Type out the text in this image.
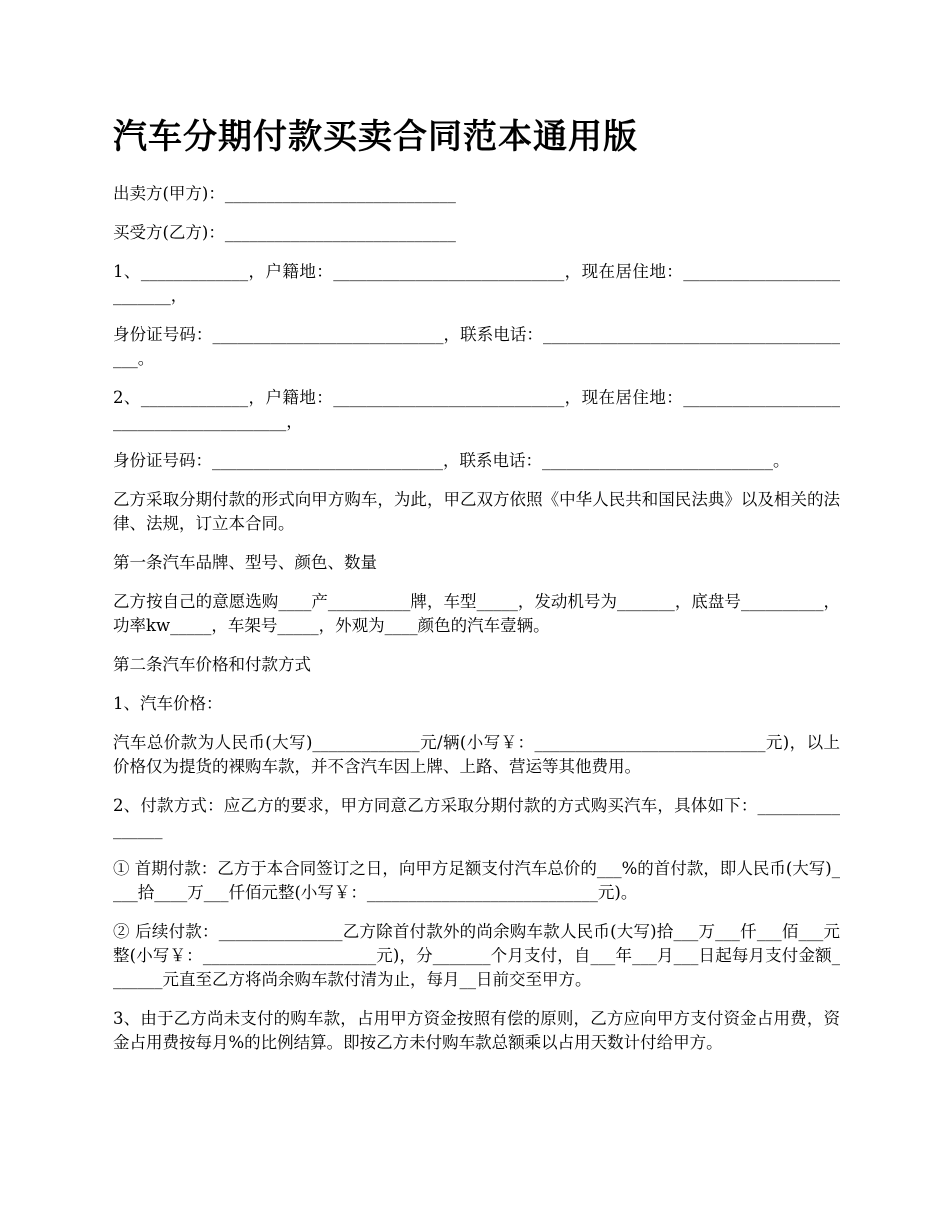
汽车分期付款买卖合同范本通用版

出卖方(甲方)：____________________________

买受方(乙方)：____________________________

1、_____________，户籍地：____________________________，现在居住地：__________________________，

身份证号码：____________________________，联系电话：_______________________________________。

2、_____________，户籍地：____________________________，现在居住地：________________________________________，

身份证号码：____________________________，联系电话：____________________________。

乙方采取分期付款的形式向甲方购车，为此，甲乙双方依照《中华人民共和国民法典》以及相关的法律、法规，订立本合同。

第一条汽车品牌、型号、颜色、数量

乙方按自己的意愿选购____产__________牌，车型_____，发动机号为_______，底盘号__________，功率kw_____，车架号_____，外观为____颜色的汽车壹辆。

第二条汽车价格和付款方式

1、汽车价格：

汽车总价款为人民币(大写)_____________元/辆(小写￥：____________________________元)，以上价格仅为提货的裸购车款，并不含汽车因上牌、上路、营运等其他费用。

2、付款方式：应乙方的要求，甲方同意乙方采取分期付款的方式购买汽车，具体如下：________________

① 首期付款：乙方于本合同签订之日，向甲方足额支付汽车总价的___%的首付款，即人民币(大写)____拾____万___仟佰元整(小写￥：____________________________元)。

② 后续付款：_______________乙方除首付款外的尚余购车款人民币(大写)拾___万___仟___佰___元整(小写￥：_____________________元)，分_______个月支付，自___年___月___日起每月支付金额_______元直至乙方将尚余购车款付清为止，每月__日前交至甲方。

3、由于乙方尚未支付的购车款，占用甲方资金按照有偿的原则，乙方应向甲方支付资金占用费，资金占用费按每月%的比例结算。即按乙方未付购车款总额乘以占用天数计付给甲方。
